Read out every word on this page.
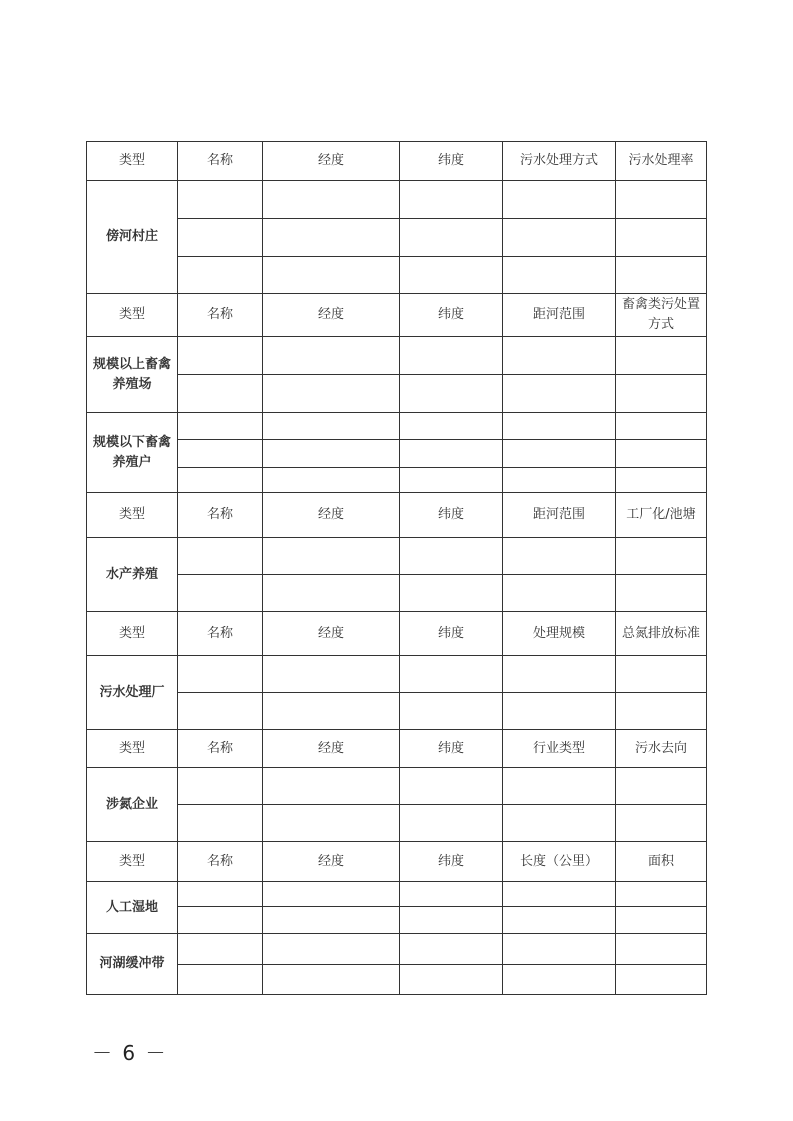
类型	名称	经度	纬度	污水处理方式	污水处理率
傍河村庄					

类型	名称	经度	纬度	距河范围	畜禽类污处置方式
规模以上畜禽养殖场					

规模以下畜禽养殖户					

类型	名称	经度	纬度	距河范围	工厂化/池塘
水产养殖					

类型	名称	经度	纬度	处理规模	总氮排放标准
污水处理厂					

类型	名称	经度	纬度	行业类型	污水去向
涉氮企业					

类型	名称	经度	纬度	长度（公里）	面积
人工湿地					

河湖缓冲带					

－ 6 －
